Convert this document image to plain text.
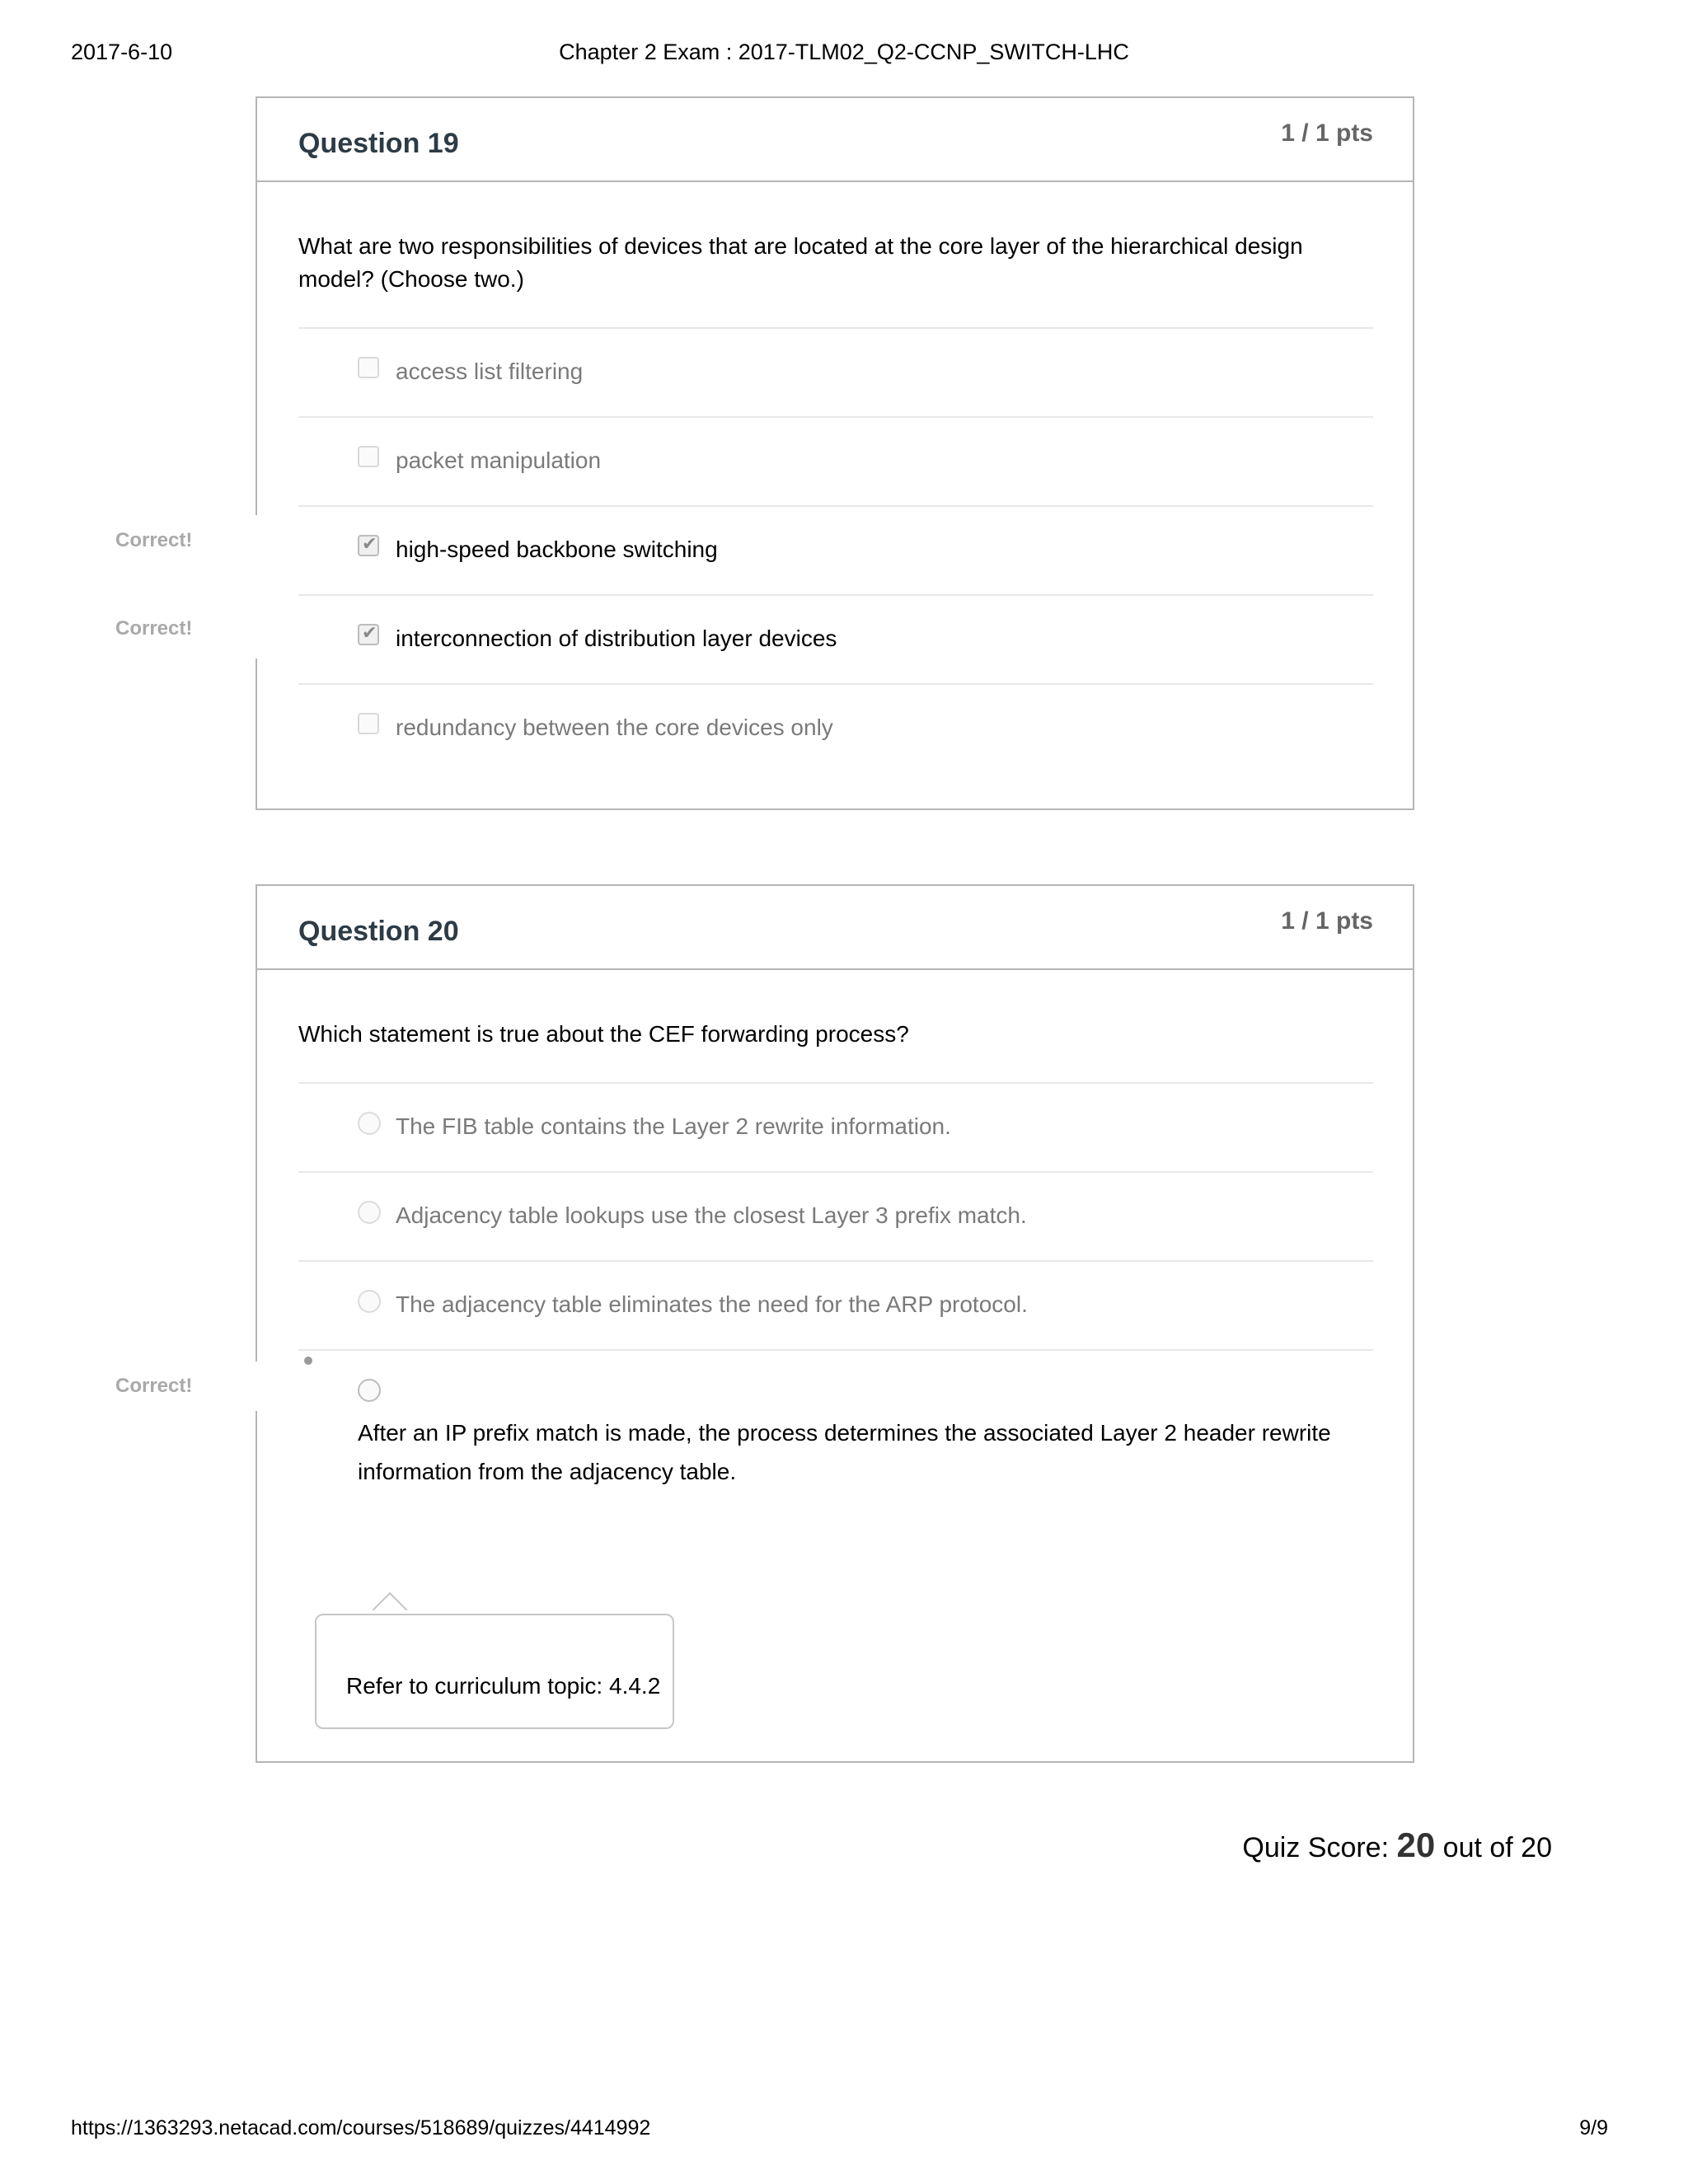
2017-6-10	Chapter 2 Exam : 2017-TLM02_Q2-CCNP_SWITCH-LHC
Question 19	1 / 1 pts
What are two responsibilities of devices that are located at the core layer of the hierarchical design model? (Choose two.)
access list filtering
packet manipulation
✔
high-speed backbone switching
✔
interconnection of distribution layer devices
redundancy between the core devices only
Correct!
Correct!
Question 20	1 / 1 pts
Which statement is true about the CEF forwarding process?
The FIB table contains the Layer 2 rewrite information.
Adjacency table lookups use the closest Layer 3 prefix match.
The adjacency table eliminates the need for the ARP protocol.
After an IP prefix match is made, the process determines the associated Layer 2 header rewrite information from the adjacency table.
Correct!
Refer to curriculum topic: 4.4.2
Quiz Score: 20 out of 20
https://1363293.netacad.com/courses/518689/quizzes/4414992	9/9
